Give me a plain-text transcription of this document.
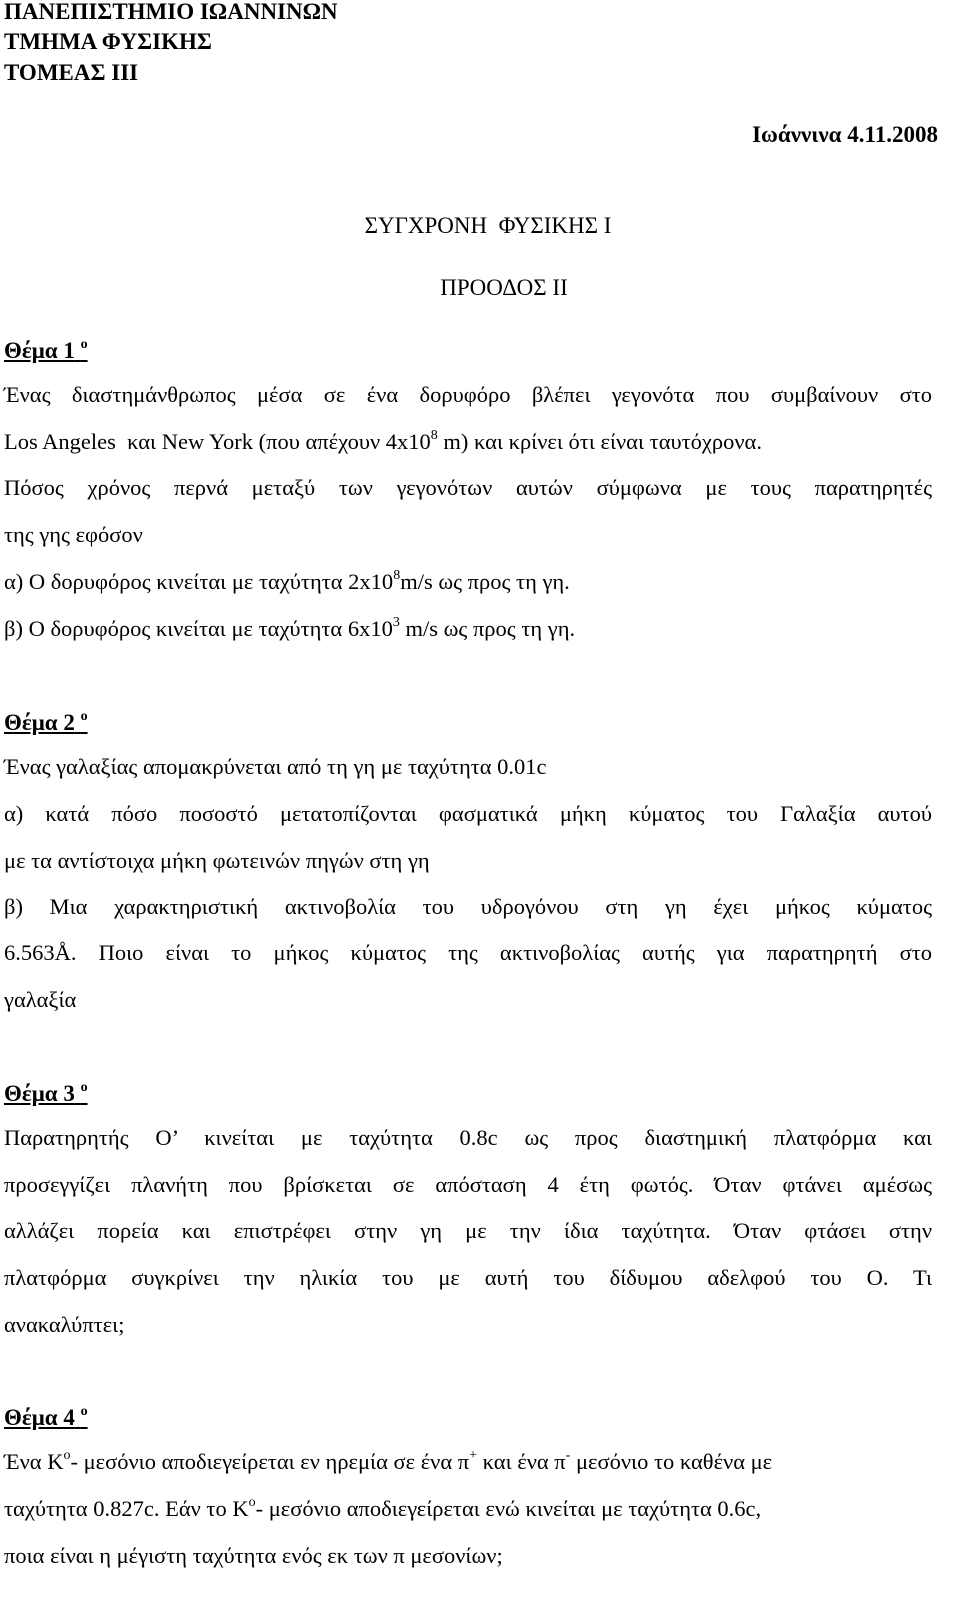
ΠΑΝΕΠΙΣΤΗΜΙΟ ΙΩΑΝΝΙΝΩΝ
ΤΜΗΜΑ ΦΥΣΙΚΗΣ
ΤΟΜΕΑΣ ΙΙΙ
Ιωάννινα 4.11.2008
ΣΥΓΧΡΟΝΗ  ΦΥΣΙΚΗΣ Ι
ΠΡΟΟΔΟΣ ΙΙ
Θέμα 1 $^o$
Ένας διαστημάνθρωπος μέσα σε ένα δορυφόρο βλέπει γεγονότα που συμβαίνουν στο
Los Angeles  και New York (που απέχουν $4x10^8$ m) και κρίνει ότι είναι ταυτόχρονα.
Πόσος χρόνος περνά μεταξύ των γεγονότων αυτών σύμφωνα με τους παρατηρητές
της γης εφόσον
α) Ο δορυφόρος κινείται με ταχύτητα $2x10^8m/s$ ως προς τη γη.
β) Ο δορυφόρος κινείται με ταχύτητα $6x10^3$ m/s ως προς τη γη.
Θέμα 2 $^o$
Ένας γαλαξίας απομακρύνεται από τη γη με ταχύτητα 0.01c
α) κατά πόσο ποσοστό μετατοπίζονται φασματικά μήκη κύματος του Γαλαξία αυτού
με τα αντίστοιχα μήκη φωτεινών πηγών στη γη
β) Μια χαρακτηριστική ακτινοβολία του υδρογόνου στη γη έχει μήκος κύματος
6.563Å. Ποιο είναι το μήκος κύματος της ακτινοβολίας αυτής για παρατηρητή στο
γαλαξία
Θέμα 3 $^o$
Παρατηρητής Ο’ κινείται με ταχύτητα 0.8c ως προς διαστημική πλατφόρμα και
προσεγγίζει πλανήτη που βρίσκεται σε απόσταση 4 έτη φωτός. Όταν φτάνει αμέσως
αλλάζει πορεία και επιστρέφει στην γη με την ίδια ταχύτητα. Όταν φτάσει στην
πλατφόρμα συγκρίνει την ηλικία του με αυτή του δίδυμου αδελφού του Ο. Τι
ανακαλύπτει;
Θέμα 4 $^o$
Ένα $K^o-$ μεσόνιο αποδιεγείρεται εν ηρεμία σε ένα π+ και ένα π- μεσόνιο το καθένα με
ταχύτητα 0.827c. Εάν το $K^o-$ μεσόνιο αποδιεγείρεται ενώ κινείται με ταχύτητα 0.6c,
ποια είναι η μέγιστη ταχύτητα ενός εκ των π μεσονίων;
